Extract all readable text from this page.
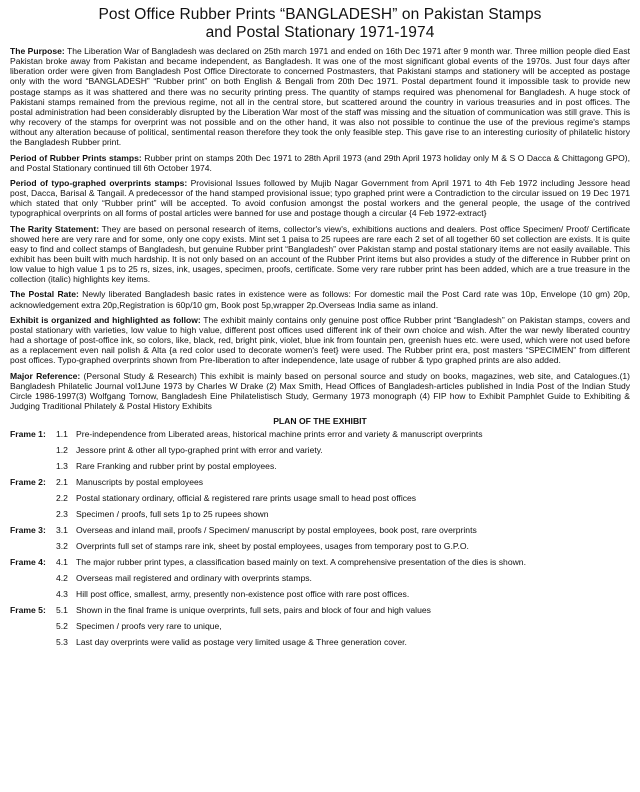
Post Office Rubber Prints “BANGLADESH” on Pakistan Stamps
and Postal Stationary 1971-1974

The Purpose: The Liberation War of Bangladesh was declared on 25th march 1971 and ended on 16th Dec 1971 after 9 month war. Three million people died East Pakistan broke away from Pakistan and became independent, as Bangladesh. It was one of the most significant global events of the 1970s. Just four days after liberation order were given from Bangladesh Post Office Directorate to concerned Postmasters, that Pakistani stamps and stationery will be accepted as postage only with the word “BANGLADESH” “Rubber print” on both English & Bengali from 20th Dec 1971. Postal department found it impossible task to provide new postage stamps as it was shattered and there was no security printing press. The quantity of stamps required was phenomenal for Bangladesh. A huge stock of Pakistani stamps remained from the previous regime, not all in the central store, but scattered around the country in various treasuries and in post offices. The postal administration had been considerably disrupted by the Liberation War most of the staff was missing and the situation of communication was still grave. This is why recovery of the stamps for overprint was not possible and on the other hand, it was also not possible to continue the use of the previous regime's stamps without any alteration because of political, sentimental reason therefore they took the only feasible step. This gave rise to an interesting curiosity of philatelic history the Bangladesh Rubber print.

Period of Rubber Prints stamps: Rubber print on stamps 20th Dec 1971 to 28th April 1973 (and 29th April 1973 holiday only M & S O Dacca & Chittagong GPO), and Postal Stationary continued till 6th October 1974.

Period of typo-graphed overprints stamps: Provisional Issues followed by Mujib Nagar Government from April 1971 to 4th Feb 1972 including Jessore head post, Dacca, Barisal & Tangail. A predecessor of the hand stamped provisional issue; typo graphed print were a Contradiction to the circular issued on 19 Dec 1971 which stated that only “Rubber print” will be accepted. To avoid confusion amongst the postal workers and the general people, the usage of the contrived typographical overprints on all forms of postal articles were banned for use and postage though a circular {4 Feb 1972-extract}

The Rarity Statement: They are based on personal research of items, collector's view's, exhibitions auctions and dealers. Post office Specimen/ Proof/ Certificate showed here are very rare and for some, only one copy exists. Mint set 1 paisa to 25 rupees are rare each 2 set of all together 60 set collection are exists. It is quite easy to find and collect stamps of Bangladesh, but genuine Rubber print “Bangladesh” over Pakistan stamp and postal stationary items are not easily available. This exhibit has been built with much hardship. It is not only based on an account of the Rubber Print items but also provides a study of the difference in Rubber print on low value to high value 1 ps to 25 rs, sizes, ink, usages, specimen, proofs, certificate. Some very rare rubber print has been added, which are a true treasure in the collection (italic) highlights key items.

The Postal Rate: Newly liberated Bangladesh basic rates in existence were as follows: For domestic mail the Post Card rate was 10p, Envelope (10 gm) 20p, acknowledgement extra 20p,Registration is 60p/10 gm, Book post 5p,wrapper 2p.Overseas India same as inland.

Exhibit is organized and highlighted as follow: The exhibit mainly contains only genuine post office Rubber print “Bangladesh” on Pakistan stamps, covers and postal stationary with varieties, low value to high value, different post offices used different ink of their own choice and wish. After the war newly liberated country had a shortage of post-office ink, so colors, like, black, red, bright pink, violet, blue ink from fountain pen, greenish hues etc. were used, which were not used before as a replacement even nail polish & Alta {a red color used to decorate women's feet} were used. The Rubber print era, post masters “SPECIMEN” from different post offices. Typo-graphed overprints shown from Pre-liberation to after independence, late usage of rubber & typo graphed prints are also added.

Major Reference: (Personal Study & Research) This exhibit is mainly based on personal source and study on books, magazines, web site, and Catalogues.(1) Bangladesh Philatelic Journal vol1June 1973 by Charles W Drake (2) Max Smith, Head Offices of Bangladesh-articles published in India Post of the Indian Study Circle 1986-1997(3) Wolfgang Tornow, Bangladesh Eine Philatelistisch Study, Germany 1973 monograph (4) FIP how to Exhibit Pamphlet Guide to Exhibiting & Judging Traditional Philately & Postal History Exhibits

PLAN OF THE EXHIBIT
Frame 1:	1.1 Pre-independence from Liberated areas, historical machine prints error and variety & manuscript overprints
1.2 Jessore print & other all typo-graphed print with error and variety.
1.3 Rare Franking and rubber print by postal employees.
Frame 2:	2.1 Manuscripts by postal employees
2.2 Postal stationary ordinary, official & registered rare prints usage small to head post offices
2.3 Specimen / proofs, full sets 1p to 25 rupees shown
Frame 3:	3.1 Overseas and inland mail, proofs / Specimen/ manuscript by postal employees, book post, rare overprints
3.2 Overprints full set of stamps rare ink, sheet by postal employees, usages from temporary post to G.P.O.
Frame 4:	4.1 The major rubber print types, a classification based mainly on text. A comprehensive presentation of the dies is shown.
4.2 Overseas mail registered and ordinary with overprints stamps.
4.3 Hill post office, smallest, army, presently non-existence post office with rare post offices.
Frame 5:	5.1 Shown in the final frame is unique overprints, full sets, pairs and block of four and high values
5.2 Specimen / proofs very rare to unique,
5.3 Last day overprints were valid as postage very limited usage & Three generation cover.
